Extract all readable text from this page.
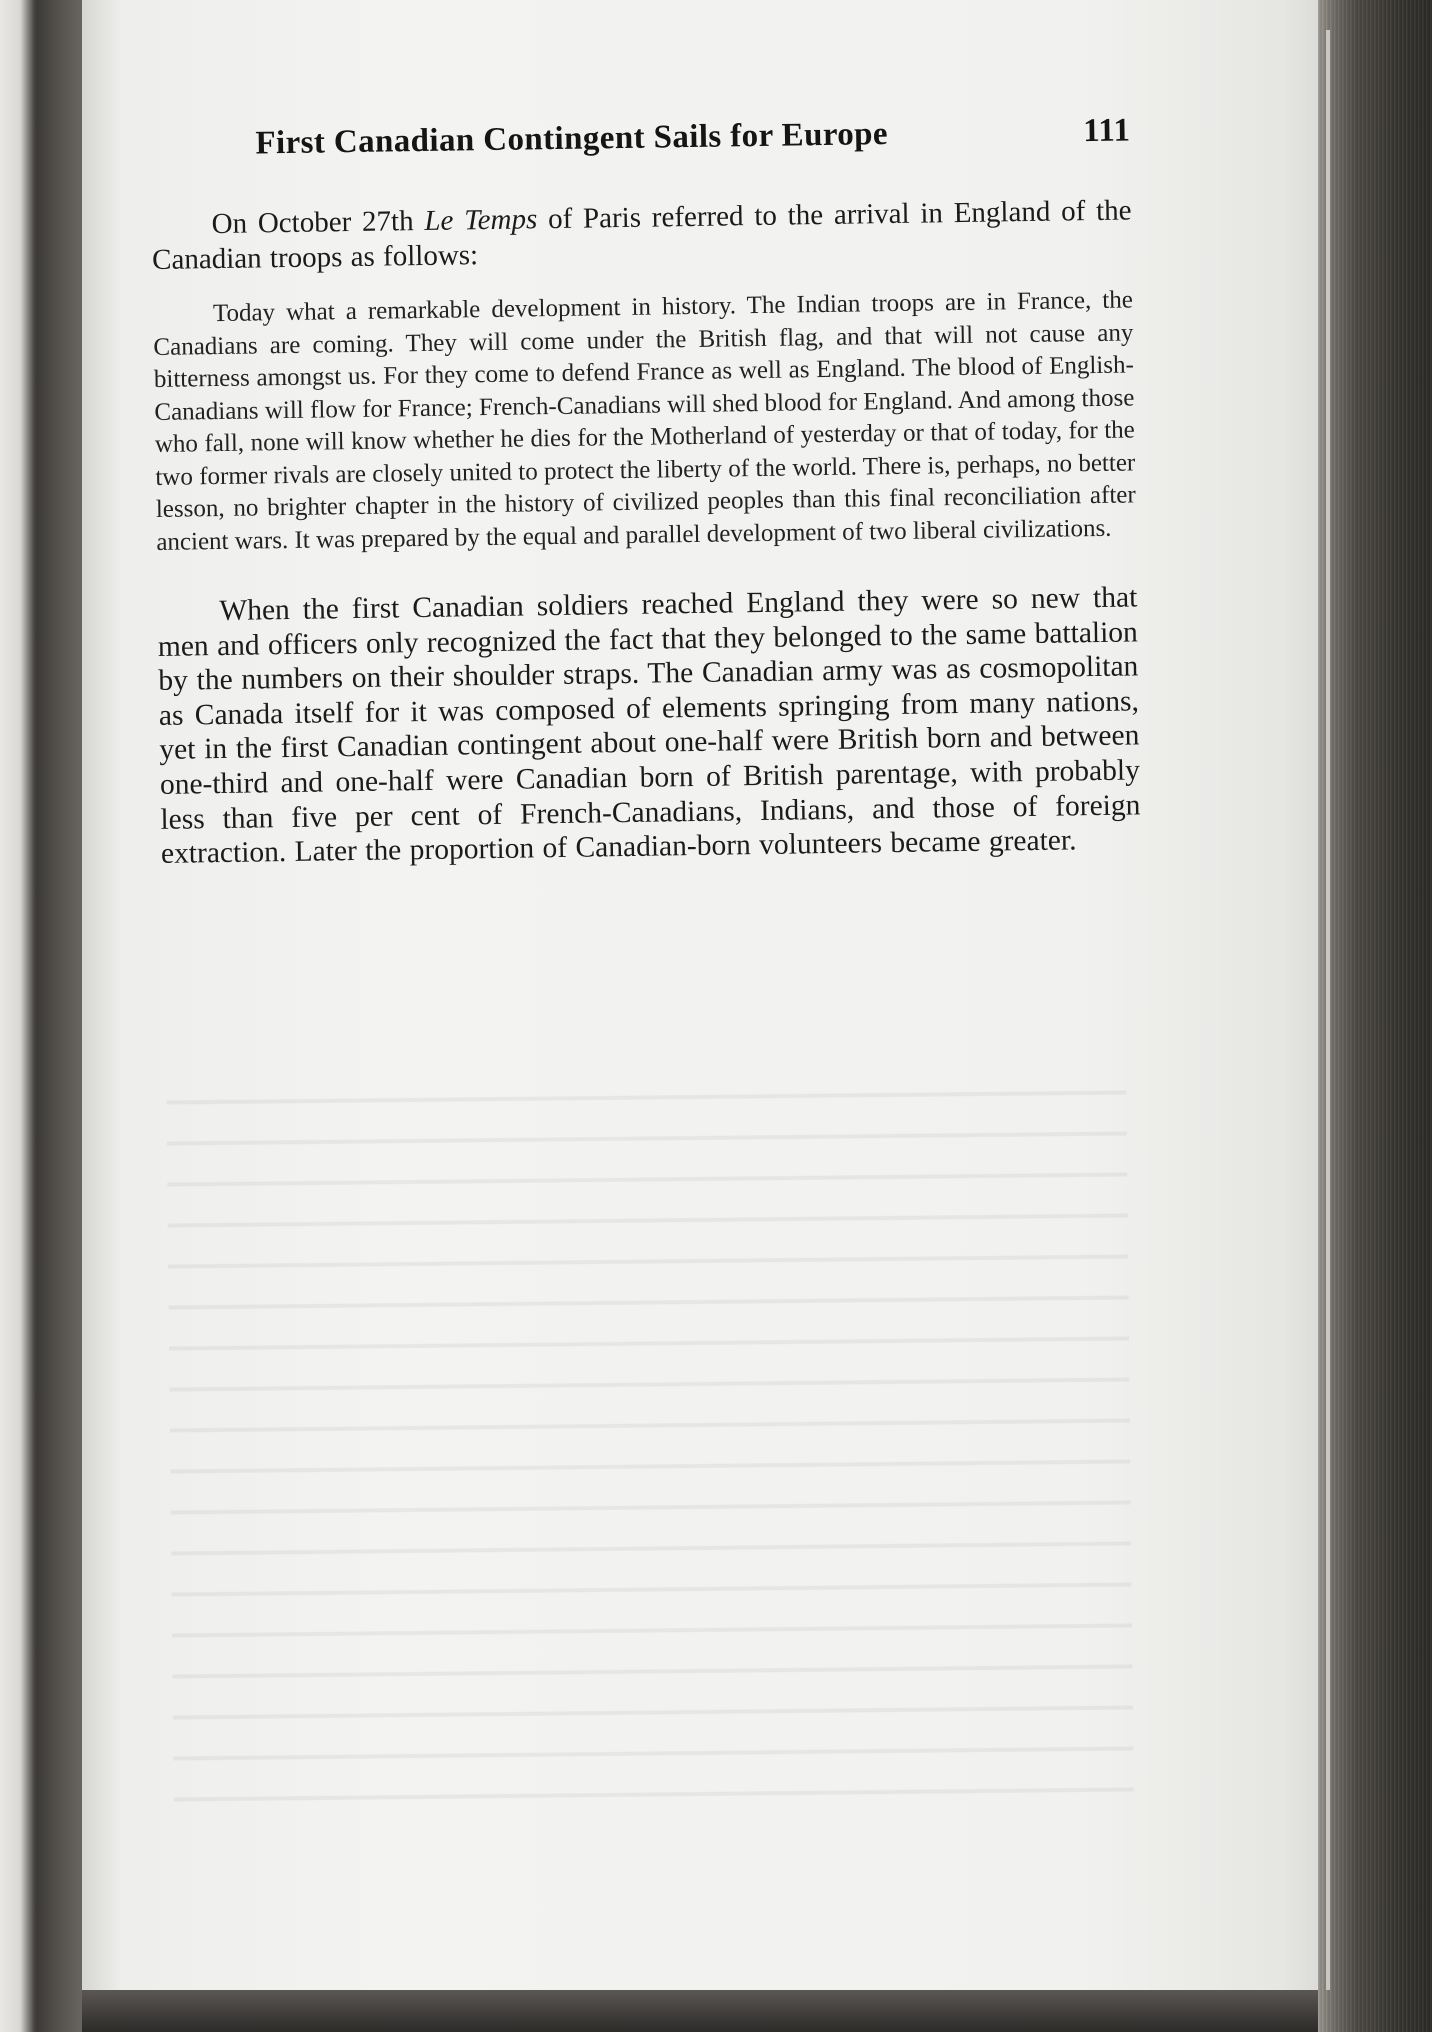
First Canadian Contingent Sails for Europe	111

On October 27th Le Temps of Paris referred to the arrival in England of the Canadian troops as follows:

Today what a remarkable development in history. The Indian troops are in France, the Canadians are coming. They will come under the British flag, and that will not cause any bitterness amongst us. For they come to defend France as well as England. The blood of English-Canadians will flow for France; French-Canadians will shed blood for England. And among those who fall, none will know whether he dies for the Motherland of yesterday or that of today, for the two former rivals are closely united to protect the liberty of the world. There is, perhaps, no better lesson, no brighter chapter in the history of civilized peoples than this final reconciliation after ancient wars. It was prepared by the equal and parallel development of two liberal civilizations.

When the first Canadian soldiers reached England they were so new that men and officers only recognized the fact that they belonged to the same battalion by the numbers on their shoulder straps. The Canadian army was as cosmopolitan as Canada itself for it was composed of elements springing from many nations, yet in the first Canadian contingent about one-half were British born and between one-third and one-half were Canadian born of British parentage, with probably less than five per cent of French-Canadians, Indians, and those of foreign extraction. Later the proportion of Canadian-born volunteers became greater.
